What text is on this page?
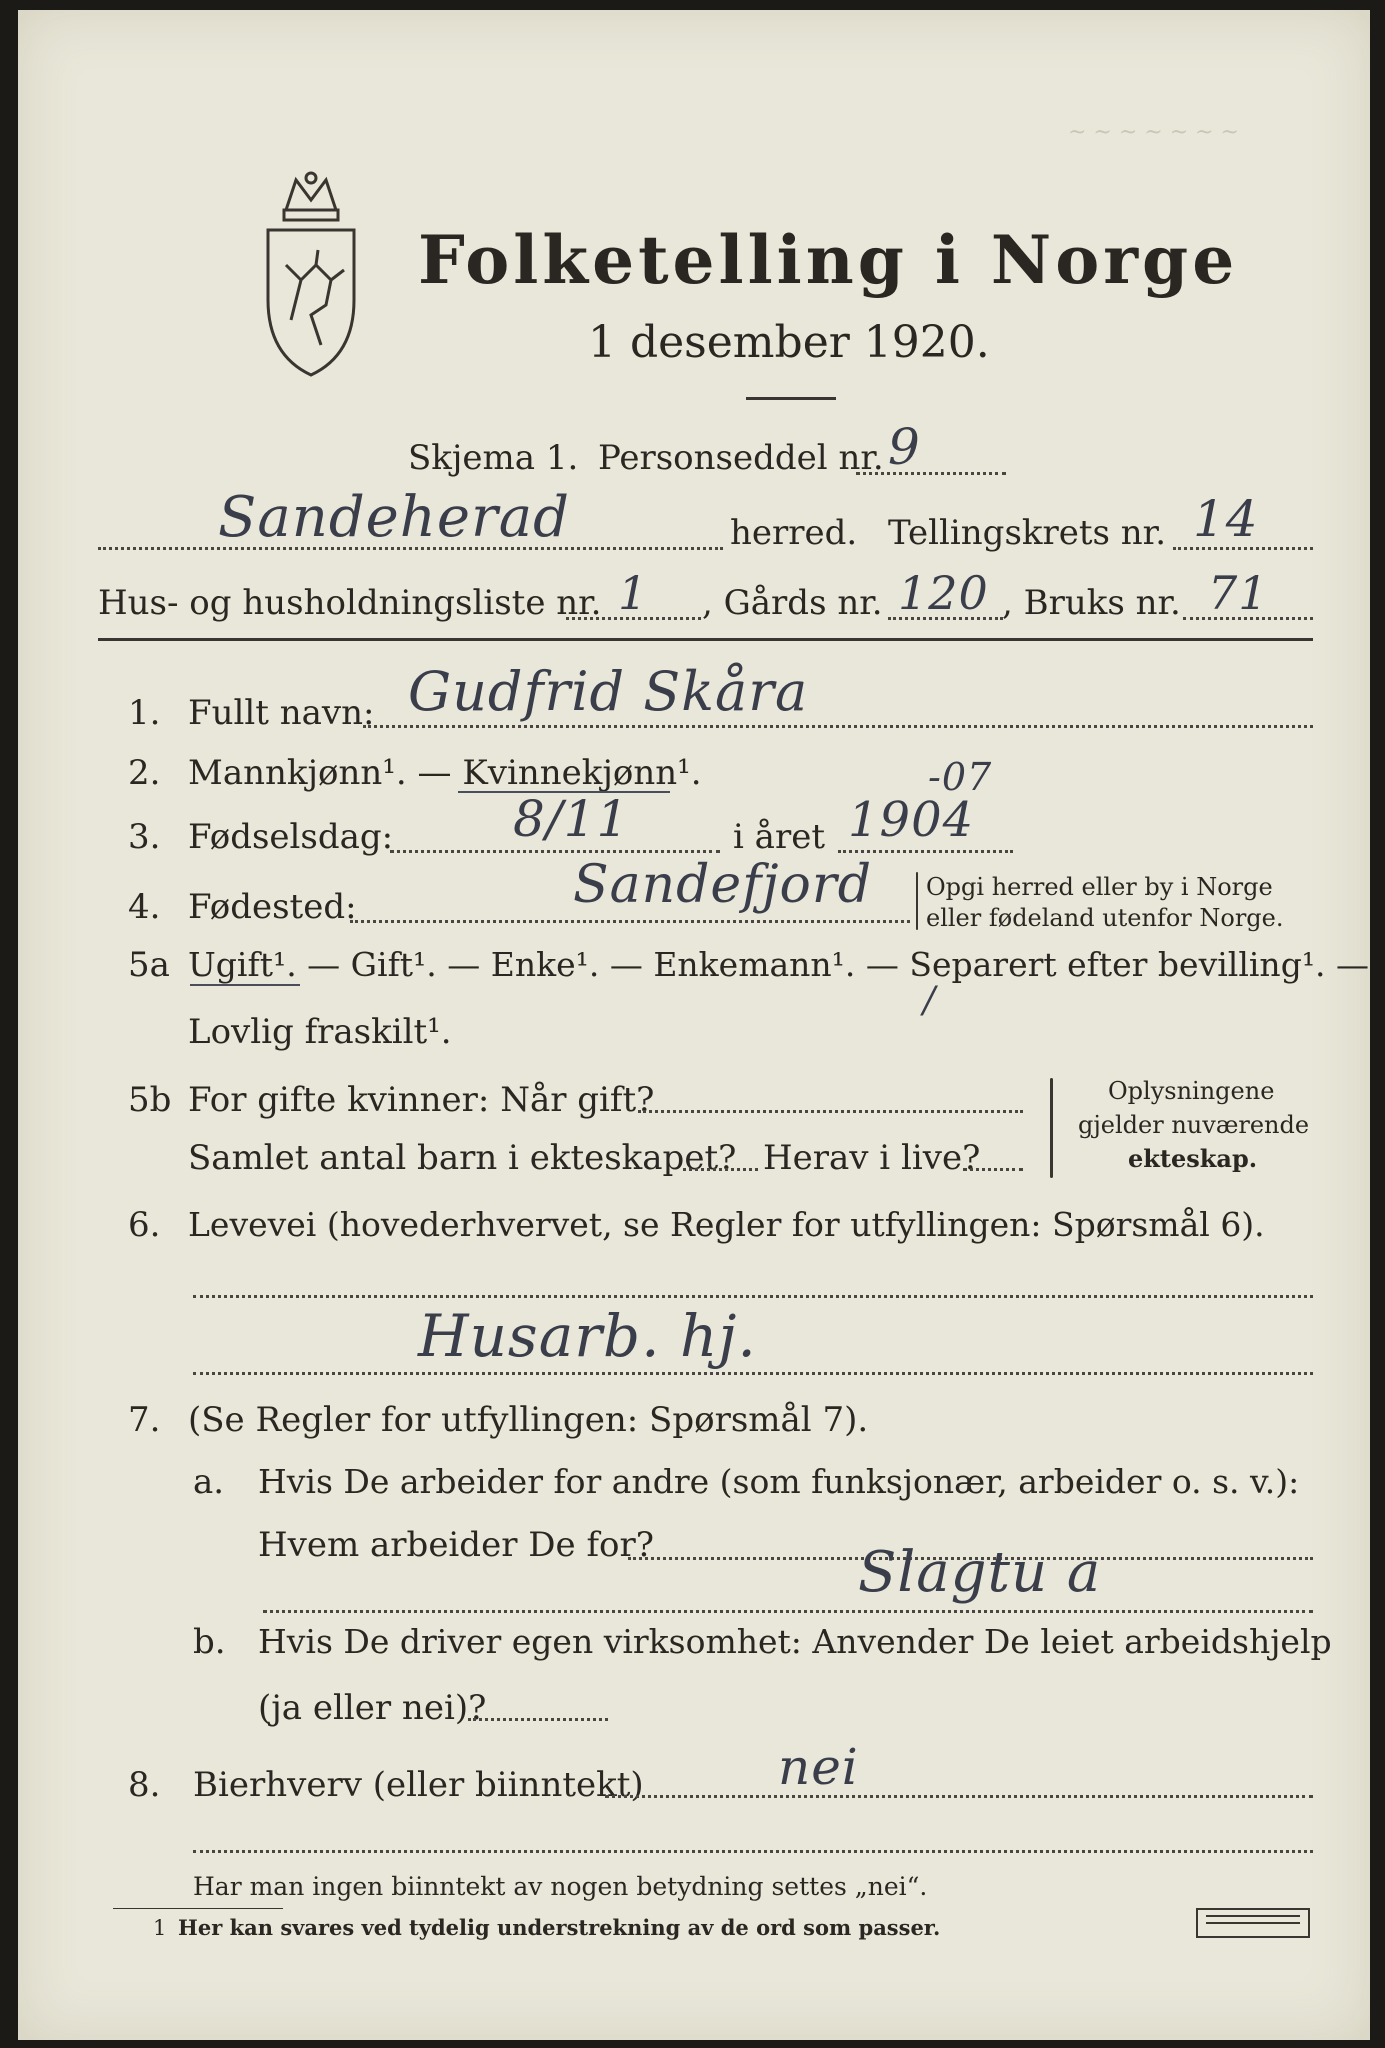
~ ~ ~ ~ ~ ~ ~
Folketelling i Norge
1 desember 1920.
Skjema 1. Personseddel nr. 9
Sandeherad	herred. Tellingskrets nr. 14
Hus- og husholdningsliste nr. 1 , Gårds nr. 120 , Bruks nr. 71
1. Fullt navn: Gudfrid Skåra
2. Mannkjønn¹. — Kvinnekjønn¹.
3. Fødselsdag: 8/11	i året 1904
-07
4. Fødested:	Sandefjord Opgi herred eller by i Norge
eller fødeland utenfor Norge.
5a Ugift¹. — Gift¹. — Enke¹. — Enkemann¹. — Separert efter bevilling¹. —
/
Lovlig fraskilt¹.
5b For gifte kvinner: Når gift?
Samlet antal barn i ekteskapet? Herav i live?
Oplysningene
gjelder nuværende
ekteskap.
6. Levevei (hovederhvervet, se Regler for utfyllingen: Spørsmål 6).
Husarb. hj.
7. (Se Regler for utfyllingen: Spørsmål 7).
a. Hvis De arbeider for andre (som funksjonær, arbeider o. s. v.):
Hvem arbeider De for?	Slagtu a
b. Hvis De driver egen virksomhet: Anvender De leiet arbeidshjelp
(ja eller nei)?
8. Bierhverv (eller biinntekt)	nei
Har man ingen biinntekt av nogen betydning settes „nei“.
1 Her kan svares ved tydelig understrekning av de ord som passer.
